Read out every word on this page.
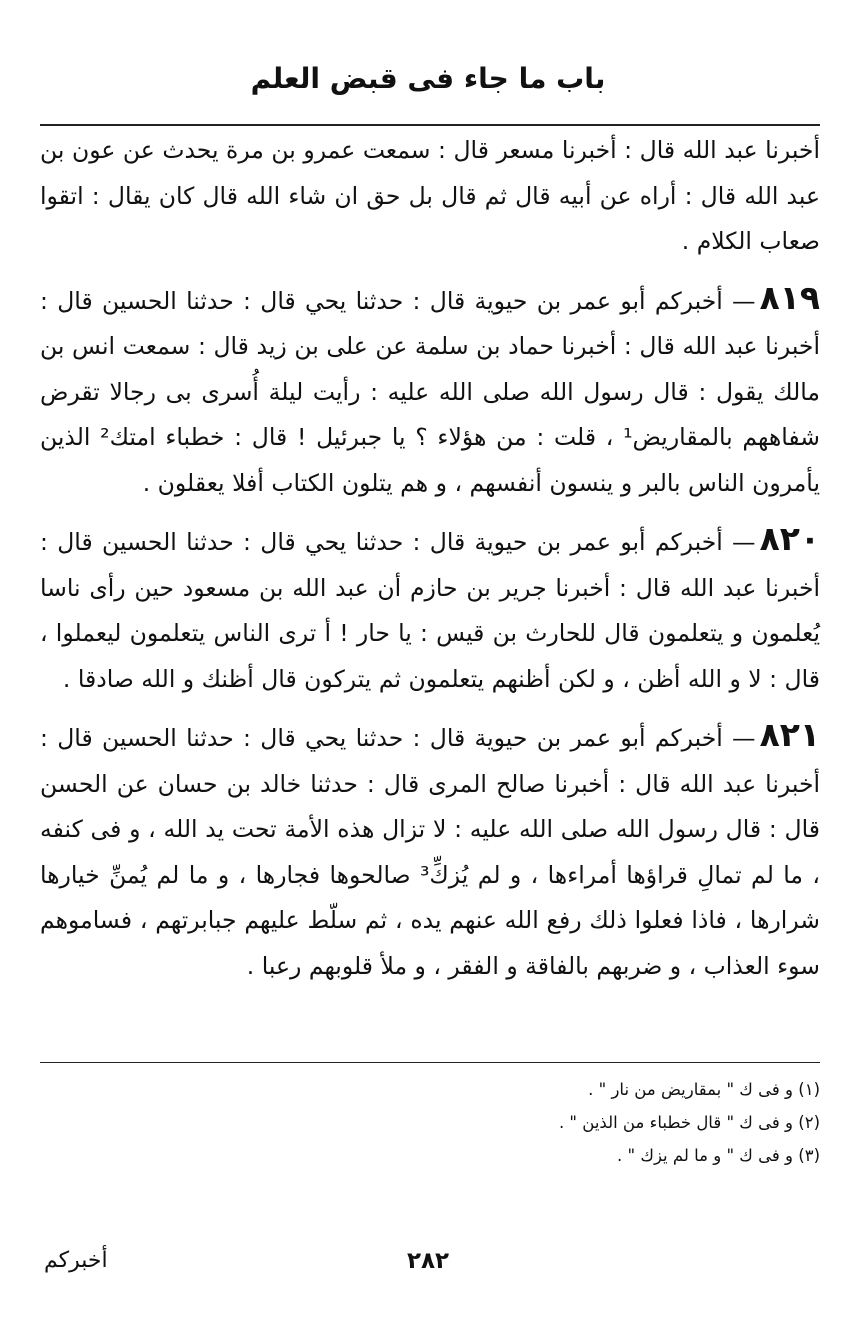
باب ما جاء فى قبض العلم

أخبرنا عبد الله قال : أخبرنا مسعر قال : سمعت عمرو بن مرة يحدث عن عون بن عبد الله قال : أراه عن أبيه قال ثم قال بل حق ان شاء الله قال كان يقال : اتقوا صعاب الكلام .

٨١٩— أخبركم أبو عمر بن حيوية قال : حدثنا يحي قال : حدثنا الحسين قال : أخبرنا عبد الله قال : أخبرنا حماد بن سلمة عن على بن زيد قال : سمعت انس بن مالك يقول : قال رسول الله صلى الله عليه : رأيت ليلة أُسرى بى رجالا تقرض شفاههم بالمقاريض¹ ، قلت : من هؤلاء ؟ يا جبرئيل ! قال : خطباء امتك² الذين يأمرون الناس بالبر و ينسون أنفسهم ، و هم يتلون الكتاب أفلا يعقلون .

٨٢٠— أخبركم أبو عمر بن حيوية قال : حدثنا يحي قال : حدثنا الحسين قال : أخبرنا عبد الله قال : أخبرنا جرير بن حازم أن عبد الله بن مسعود حين رأى ناسا يُعلمون و يتعلمون قال للحارث بن قيس : يا حار ! أ ترى الناس يتعلمون ليعملوا ، قال : لا و الله أظن ، و لكن أظنهم يتعلمون ثم يتركون قال أظنك و الله صادقا .

٨٢١— أخبركم أبو عمر بن حيوية قال : حدثنا يحي قال : حدثنا الحسين قال : أخبرنا عبد الله قال : أخبرنا صالح المرى قال : حدثنا خالد بن حسان عن الحسن قال : قال رسول الله صلى الله عليه : لا تزال هذه الأمة تحت يد الله ، و فى كنفه ، ما لم تمالِ قراؤها أمراءها ، و لم يُزكِّ³ صالحوها فجارها ، و ما لم يُمنِّ خيارها شرارها ، فاذا فعلوا ذلك رفع الله عنهم يده ، ثم سلّط عليهم جبابرتهم ، فساموهم سوء العذاب ، و ضربهم بالفاقة و الفقر ، و ملأ قلوبهم رعبا .

(١) و فى ك " بمقاريض من نار " .
(٢) و فى ك " قال خطباء من الذين " .
(٣) و فى ك " و ما لم يزك " .
٢٨٢
أخبركم
